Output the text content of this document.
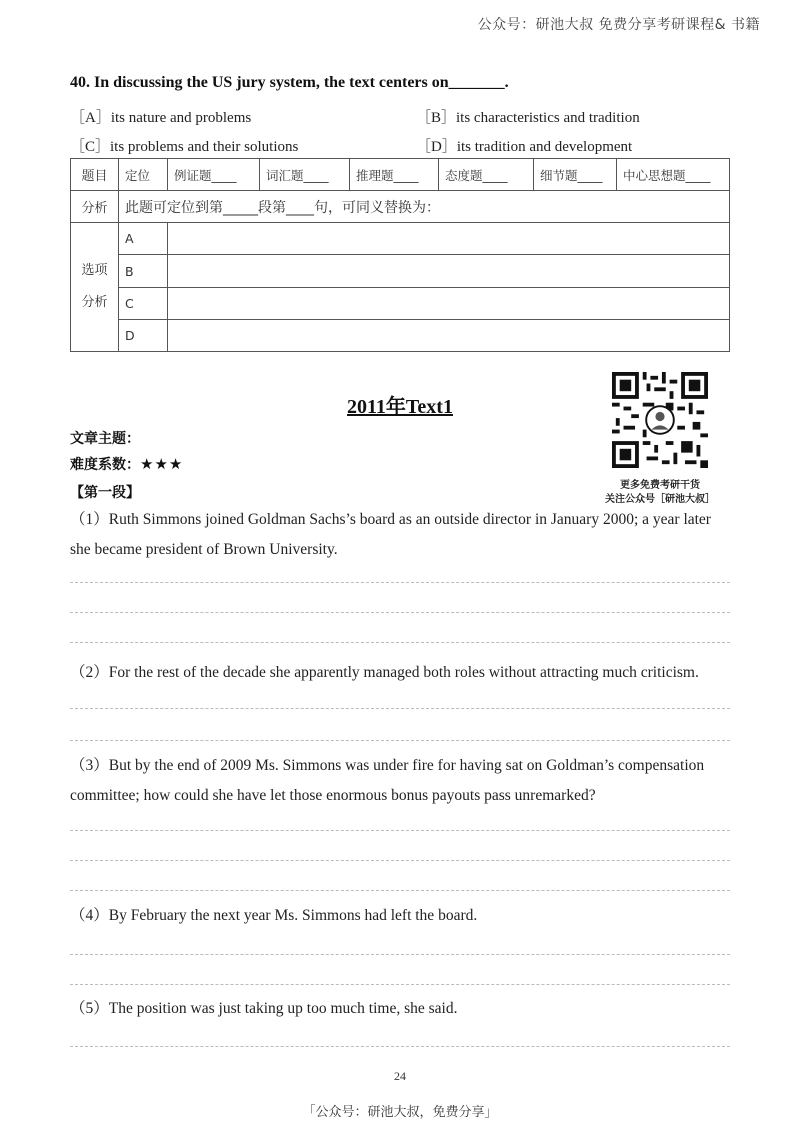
公众号：研池大叔 免费分享考研课程& 书籍
40. In discussing the US jury system, the text centers on_______.
［A］its nature and problems	［B］its characteristics and tradition
［C］its problems and their solutions	［D］its tradition and development
题目	定位	例证题____	词汇题____	推理题____	态度题____	细节题____	中心思想题____
分析	此题可定位到第_____段第____句，可同义替换为：						

选项
分析	A						
	B						
	C						
	D						
2011年Text1
更多免费考研干货
关注公众号［研池大叔］
文章主题：
难度系数：★★★
【第一段】
（1）Ruth Simmons joined Goldman Sachs’s board as an outside director in January 2000; a year later
she became president of Brown University.
（2）For the rest of the decade she apparently managed both roles without attracting much criticism.
（3）But by the end of 2009 Ms. Simmons was under fire for having sat on Goldman’s compensation
committee; how could she have let those enormous bonus payouts pass unremarked?
（4）By February the next year Ms. Simmons had left the board.
（5）The position was just taking up too much time, she said.
24
「公众号：研池大叔，免费分享」
